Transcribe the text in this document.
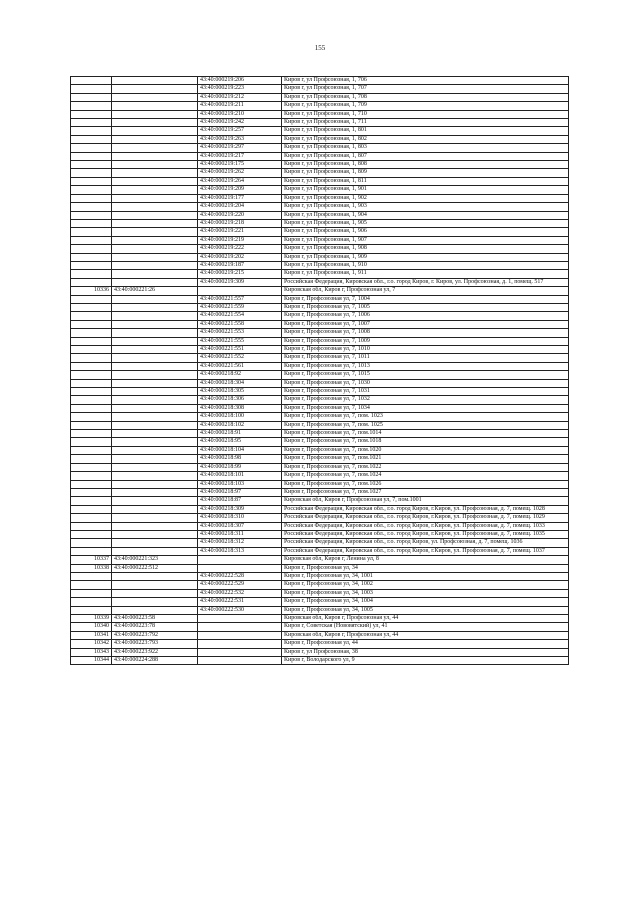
155
		43:40:000219:206	Киров г, ул Профсоюзная, 1, 706
		43:40:000219:223	Киров г, ул Профсоюзная, 1, 707
		43:40:000219:212	Киров г, ул Профсоюзная, 1, 708
		43:40:000219:211	Киров г, ул Профсоюзная, 1, 709
		43:40:000219:210	Киров г, ул Профсоюзная, 1, 710
		43:40:000219:242	Киров г, ул Профсоюзная, 1, 711
		43:40:000219:257	Киров г, ул Профсоюзная, 1, 801
		43:40:000219:263	Киров г, ул Профсоюзная, 1, 802
		43:40:000219:297	Киров г, ул Профсоюзная, 1, 803
		43:40:000219:217	Киров г, ул Профсоюзная, 1, 807
		43:40:000219:175	Киров г, ул Профсоюзная, 1, 808
		43:40:000219:262	Киров г, ул Профсоюзная, 1, 809
		43:40:000219:264	Киров г, ул Профсоюзная, 1, 811
		43:40:000219:209	Киров г, ул Профсоюзная, 1, 901
		43:40:000219:177	Киров г, ул Профсоюзная, 1, 902
		43:40:000219:204	Киров г, ул Профсоюзная, 1, 903
		43:40:000219:220	Киров г, ул Профсоюзная, 1, 904
		43:40:000219:218	Киров г, ул Профсоюзная, 1, 905
		43:40:000219:221	Киров г, ул Профсоюзная, 1, 906
		43:40:000219:219	Киров г, ул Профсоюзная, 1, 907
		43:40:000219:222	Киров г, ул Профсоюзная, 1, 908
		43:40:000219:202	Киров г, ул Профсоюзная, 1, 909
		43:40:000219:187	Киров г, ул Профсоюзная, 1, 910
		43:40:000219:215	Киров г, ул Профсоюзная, 1, 911
		43:40:000219:309	Российская Федерация, Кировская обл., г.о. город Киров, г. Киров, ул. Профсоюзная, д. 1, помещ. 517
10336	43:40:000221:26		Кировская обл, Киров г, Профсоюзная ул, 7
		43:40:000221:557	Киров г, Профсоюзная ул, 7, 1004
		43:40:000221:559	Киров г, Профсоюзная ул, 7, 1005
		43:40:000221:554	Киров г, Профсоюзная ул, 7, 1006
		43:40:000221:558	Киров г, Профсоюзная ул, 7, 1007
		43:40:000221:553	Киров г, Профсоюзная ул, 7, 1008
		43:40:000221:555	Киров г, Профсоюзная ул, 7, 1009
		43:40:000221:551	Киров г, Профсоюзная ул, 7, 1010
		43:40:000221:552	Киров г, Профсоюзная ул, 7, 1011
		43:40:000221:561	Киров г, Профсоюзная ул, 7, 1013
		43:40:000218:92	Киров г, Профсоюзная ул, 7, 1015
		43:40:000218:304	Киров г, Профсоюзная ул, 7, 1030
		43:40:000218:305	Киров г, Профсоюзная ул, 7, 1031
		43:40:000218:306	Киров г, Профсоюзная ул, 7, 1032
		43:40:000218:308	Киров г, Профсоюзная ул, 7, 1034
		43:40:000218:100	Киров г, Профсоюзная ул, 7, пом. 1023
		43:40:000218:102	Киров г, Профсоюзная ул, 7, пом. 1025
		43:40:000218:91	Киров г, Профсоюзная ул, 7, пом.1014
		43:40:000218:95	Киров г, Профсоюзная ул, 7, пом.1018
		43:40:000218:104	Киров г, Профсоюзная ул, 7, пом.1020
		43:40:000218:98	Киров г, Профсоюзная ул, 7, пом.1021
		43:40:000218:99	Киров г, Профсоюзная ул, 7, пом.1022
		43:40:000218:101	Киров г, Профсоюзная ул, 7, пом.1024
		43:40:000218:103	Киров г, Профсоюзная ул, 7, пом.1026
		43:40:000218:97	Киров г, Профсоюзная ул, 7, пом.1027
		43:40:000218:87	Кировская обл, Киров г, Профсоюзная ул, 7, пом.1001
		43:40:000218:309	Российская Федерация, Кировская обл., г.о. город Киров, г.Киров, ул. Профсоюзная, д. 7, помещ. 1028
		43:40:000218:310	Российская Федерация, Кировская обл., г.о. город Киров, г.Киров, ул. Профсоюзная, д. 7, помещ. 1029
		43:40:000218:307	Российская Федерация, Кировская обл., г.о. город Киров, г.Киров, ул. Профсоюзная, д. 7, помещ. 1033
		43:40:000218:311	Российская Федерация, Кировская обл., г.о. город Киров, г.Киров, ул. Профсоюзная, д. 7, помещ. 1035
		43:40:000218:312	Российская Федерация, Кировская обл., г.о. город Киров, ул. Профсоюзная, д. 7, помещ. 1036
		43:40:000218:313	Российская Федерация, Кировская обл., г.о. город Киров, г.Киров, ул. Профсоюзная, д. 7, помещ. 1037
10337	43:40:000221:323		Кировская обл, Киров г, Ленина ул, 8
10338	43:40:000222:512		Киров г, Профсоюзная ул, 34
		43:40:000222:528	Киров г, Профсоюзная ул, 34, 1001
		43:40:000222:529	Киров г, Профсоюзная ул, 34, 1002
		43:40:000222:532	Киров г, Профсоюзная ул, 34, 1003
		43:40:000222:531	Киров г, Профсоюзная ул, 34, 1004
		43:40:000222:530	Киров г, Профсоюзная ул, 34, 1005
10339	43:40:000223:58		Кировская обл, Киров г, Профсоюзная ул, 44
10340	43:40:000223:78		Киров г, Советская (Нововятский) ул, 41
10341	43:40:000223:792		Кировская обл, Киров г, Профсоюзная ул, 44
10342	43:40:000223:793		Киров г, Профсоюзная ул, 44
10343	43:40:000223:922		Киров г, ул Профсоюзная, 38
10344	43:40:000224:288		Киров г, Володарского ул, 9
